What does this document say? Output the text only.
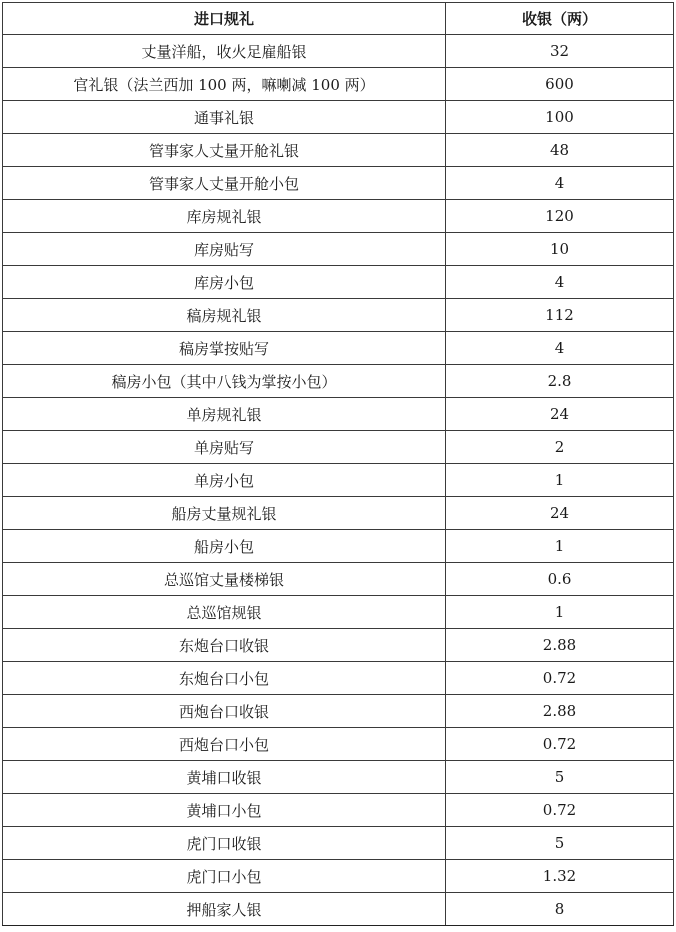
进口规礼	收银（两）
丈量洋船，收火足雇船银	32
官礼银（法兰西加 100 两，嘛喇减 100 两）	600
通事礼银	100
管事家人丈量开舱礼银	48
管事家人丈量开舱小包	4
库房规礼银	120
库房贴写	10
库房小包	4
稿房规礼银	112
稿房掌按贴写	4
稿房小包（其中八钱为掌按小包）	2.8
单房规礼银	24
单房贴写	2
单房小包	1
船房丈量规礼银	24
船房小包	1
总巡馆丈量楼梯银	0.6
总巡馆规银	1
东炮台口收银	2.88
东炮台口小包	0.72
西炮台口收银	2.88
西炮台口小包	0.72
黄埔口收银	5
黄埔口小包	0.72
虎门口收银	5
虎门口小包	1.32
押船家人银	8
